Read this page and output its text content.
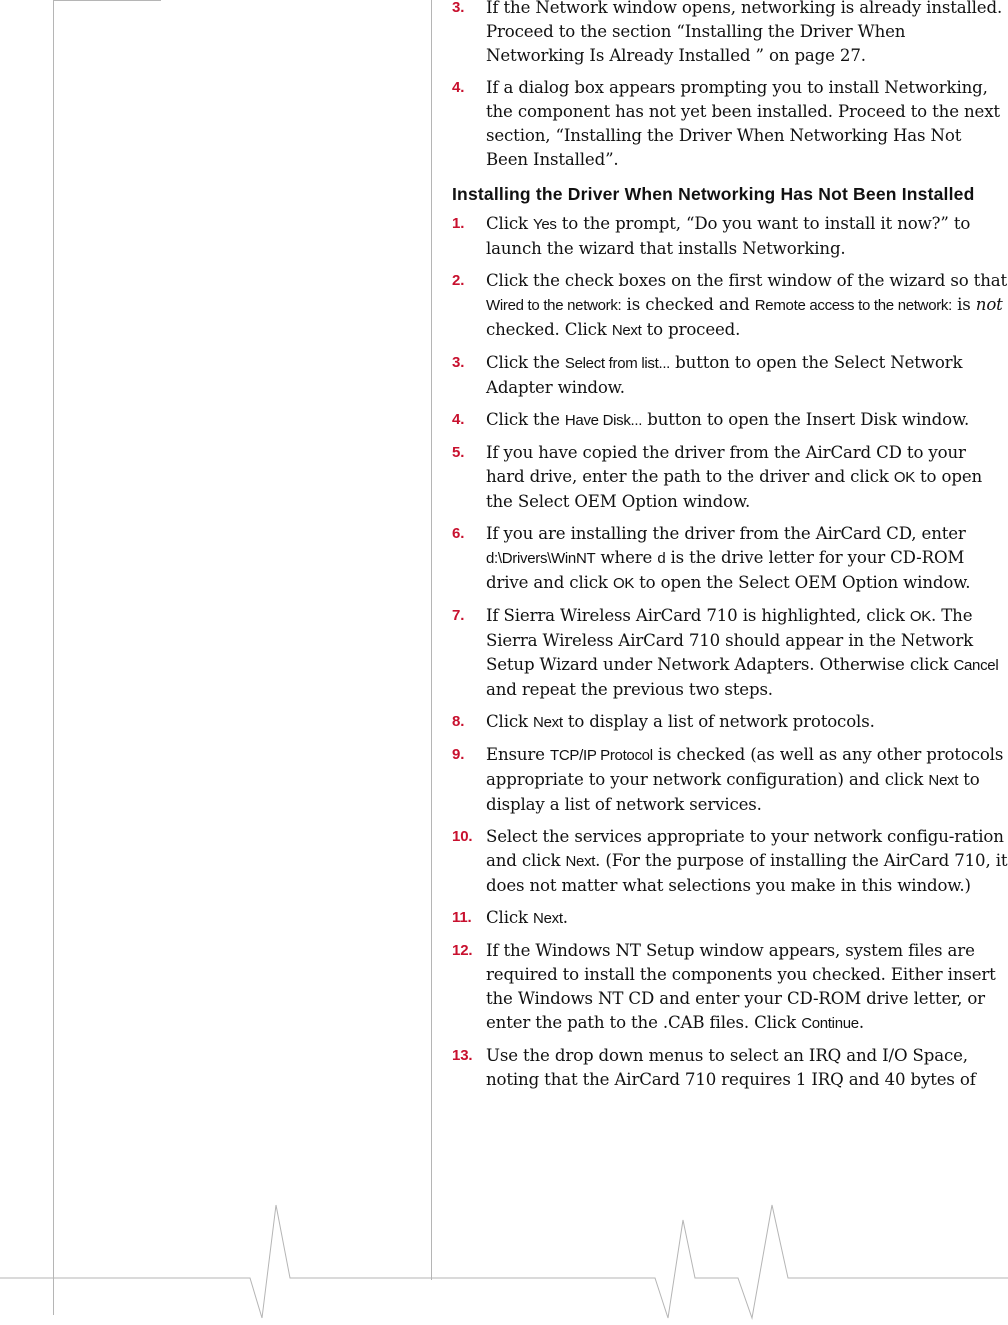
3.	If the Network window opens, networking is already installed. Proceed to the section “Installing the Driver When Networking Is Already Installed ” on page 27.
4.	If a dialog box appears prompting you to install Networking, the component has not yet been installed. Proceed to the next section, “Installing the Driver When Networking Has Not Been Installed”.
Installing the Driver When Networking Has Not Been Installed
1.	Click Yes to the prompt, “Do you want to install it now?” to launch the wizard that installs Networking.
2.	Click the check boxes on the first window of the wizard so that Wired to the network: is checked and Remote access to the network: is not checked. Click Next to proceed.
3.	Click the Select from list... button to open the Select Network Adapter window.
4.	Click the Have Disk... button to open the Insert Disk window.
5.	If you have copied the driver from the AirCard CD to your hard drive, enter the path to the driver and click OK to open the Select OEM Option window.
6.	If you are installing the driver from the AirCard CD, enter d:\Drivers\WinNT where d is the drive letter for your CD-ROM drive and click OK to open the Select OEM Option window.
7.	If Sierra Wireless AirCard 710 is highlighted, click OK. The Sierra Wireless AirCard 710 should appear in the Network Setup Wizard under Network Adapters. Otherwise click Cancel and repeat the previous two steps.
8.	Click Next to display a list of network protocols.
9.	Ensure TCP/IP Protocol is checked (as well as any other protocols appropriate to your network configuration) and click Next to display a list of network services.
10. Select the services appropriate to your network configu-ration and click Next. (For the purpose of installing the AirCard 710, it does not matter what selections you make in this window.)
11. Click Next.
12. If the Windows NT Setup window appears, system files are required to install the components you checked. Either insert the Windows NT CD and enter your CD-ROM drive letter, or enter the path to the .CAB files. Click Continue.
13. Use the drop down menus to select an IRQ and I/O Space, noting that the AirCard 710 requires 1 IRQ and 40 bytes of
